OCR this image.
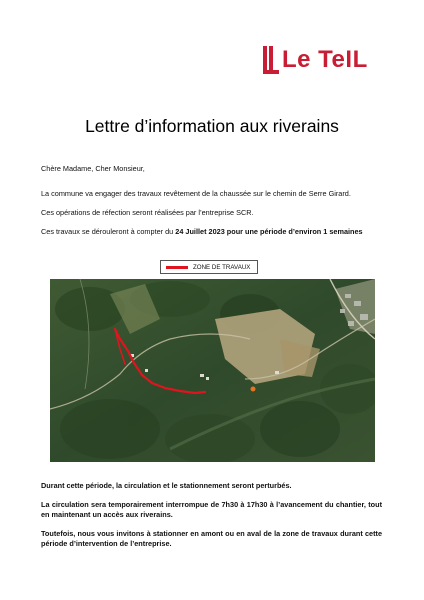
Le TeIL
Lettre d’information aux riverains

Chère Madame, Cher Monsieur,

La commune va engager des travaux revêtement de la chaussée sur le chemin de Serre Girard.

Ces opérations de réfection seront réalisées par l’entreprise SCR.

Ces travaux se dérouleront à compter du 24 Juillet 2023 pour une période d’environ 1 semaines

ZONE DE TRAVAUX

Durant cette période, la circulation et le stationnement seront perturbés.

La circulation sera temporairement interrompue de 7h30 à 17h30 à l’avancement du chantier, tout en maintenant un accès aux riverains.

Toutefois, nous vous invitons à stationner en amont ou en aval de la zone de travaux durant cette période d’intervention de l’entreprise.
